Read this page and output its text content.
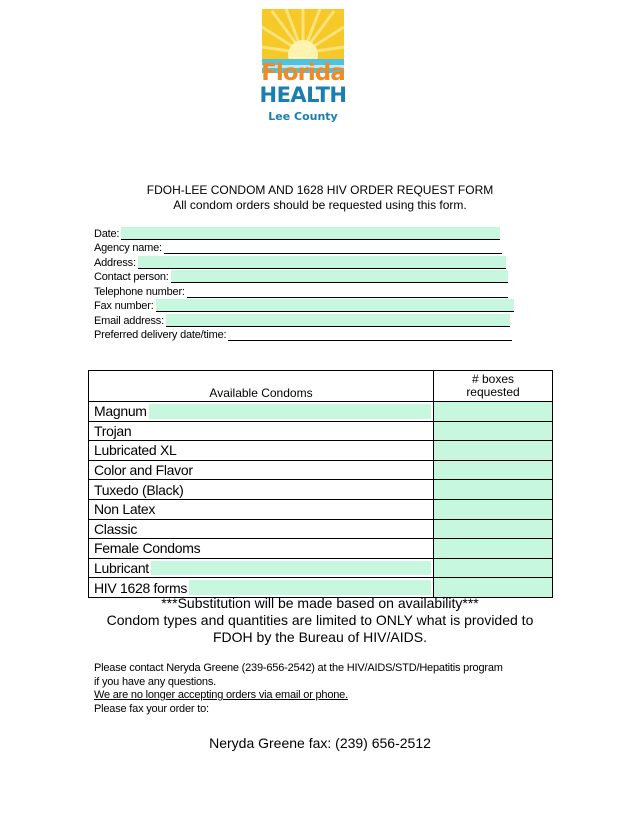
Florida
HEALTH
Lee County
FDOH-LEE CONDOM AND 1628 HIV ORDER REQUEST FORM
All condom orders should be requested using this form.
Date:
Agency name:
Address:
Contact person:
Telephone number:
Fax number:
Email address:
Preferred delivery date/time:
Available Condoms	# boxes
requested

Magnum

Trojan	
Lubricated XL	
Color and Flavor	
Tuxedo (Black)	
Non Latex	
Classic	
Female Condoms	
Lubricant

HIV 1628 forms

***Substitution will be made based on availability***
Condom types and quantities are limited to ONLY what is provided to
FDOH by the Bureau of HIV/AIDS.
Please contact Neryda Greene (239-656-2542) at the HIV/AIDS/STD/Hepatitis program
if you have any questions.
We are no longer accepting orders via email or phone.
Please fax your order to:
Neryda Greene fax: (239) 656-2512
